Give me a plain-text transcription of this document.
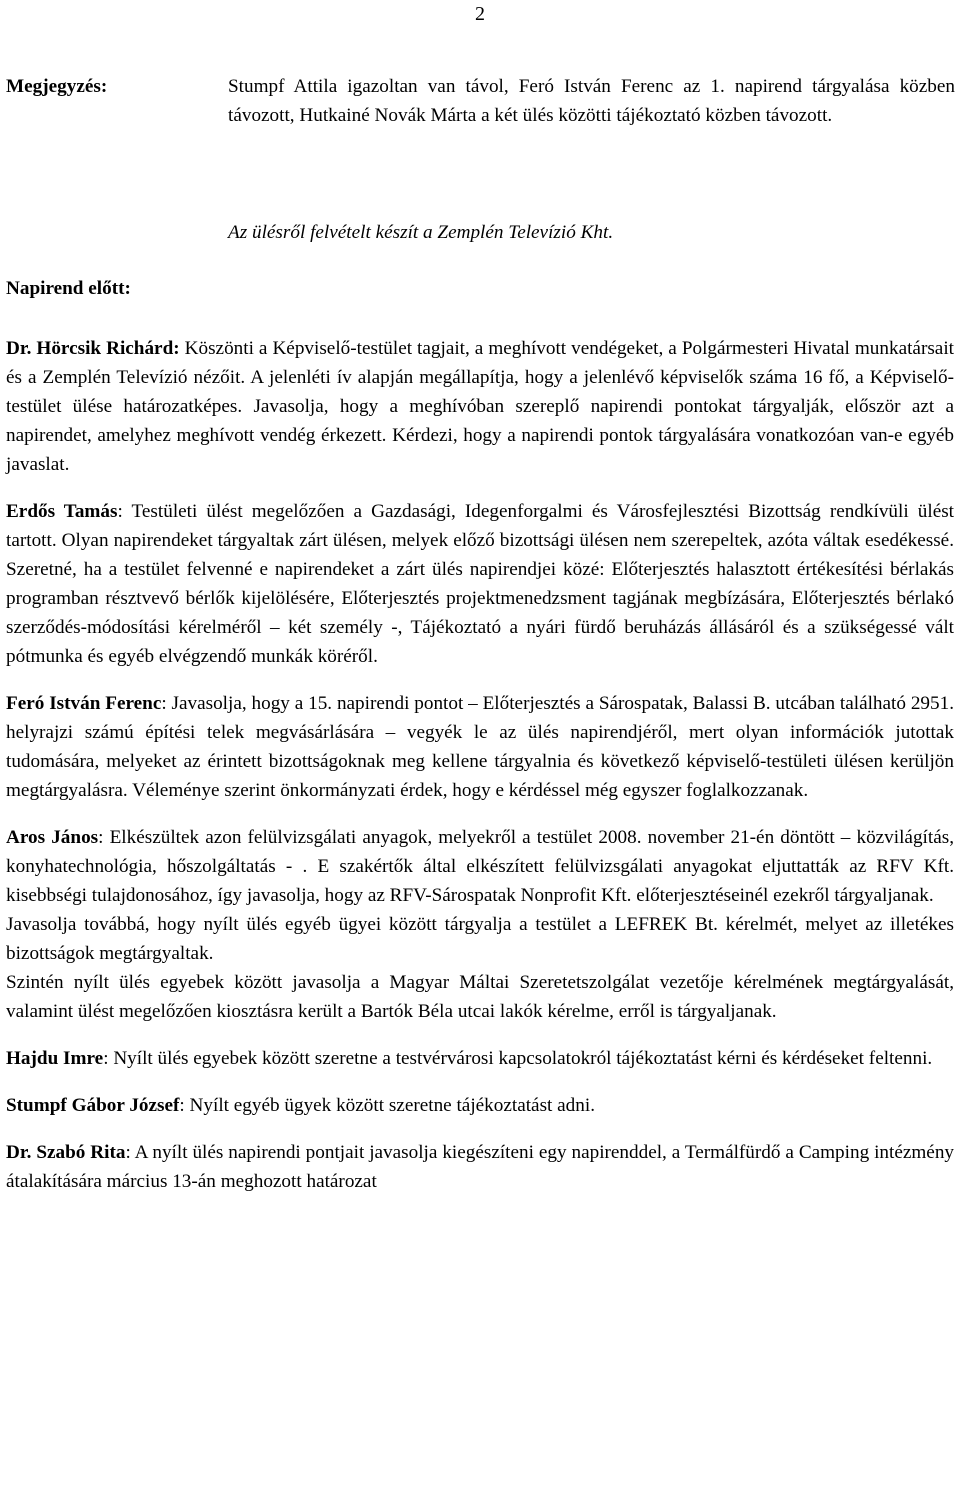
2
Megjegyzés:	Stumpf Attila igazoltan van távol, Feró István Ferenc az 1. napirend tárgyalása közben távozott, Hutkainé Novák Márta a két ülés közötti tájékoztató közben távozott.
Az ülésről felvételt készít a Zemplén Televízió Kht.
Napirend előtt:

Dr. Hörcsik Richárd: Köszönti a Képviselő-testület tagjait, a meghívott vendégeket, a Polgármesteri Hivatal munkatársait és a Zemplén Televízió nézőit. A jelenléti ív alapján megállapítja, hogy a jelenlévő képviselők száma 16 fő, a Képviselő-testület ülése határozatképes. Javasolja, hogy a meghívóban szereplő napirendi pontokat tárgyalják, először azt a napirendet, amelyhez meghívott vendég érkezett. Kérdezi, hogy a napirendi pontok tárgyalására vonatkozóan van-e egyéb javaslat.

Erdős Tamás: Testületi ülést megelőzően a Gazdasági, Idegenforgalmi és Városfejlesztési Bizottság rendkívüli ülést tartott. Olyan napirendeket tárgyaltak zárt ülésen, melyek előző bizottsági ülésen nem szerepeltek, azóta váltak esedékessé. Szeretné, ha a testület felvenné e napirendeket a zárt ülés napirendjei közé: Előterjesztés halasztott értékesítési bérlakás programban résztvevő bérlők kijelölésére, Előterjesztés projektmenedzsment tagjának megbízására, Előterjesztés bérlakó szerződés-módosítási kérelméről – két személy -, Tájékoztató a nyári fürdő beruházás állásáról és a szükségessé vált pótmunka és egyéb elvégzendő munkák köréről.

Feró István Ferenc: Javasolja, hogy a 15. napirendi pontot – Előterjesztés a Sárospatak, Balassi B. utcában található 2951. helyrajzi számú építési telek megvásárlására – vegyék le az ülés napirendjéről, mert olyan információk jutottak tudomására, melyeket az érintett bizottságoknak meg kellene tárgyalnia és következő képviselő-testületi ülésen kerüljön megtárgyalásra. Véleménye szerint önkormányzati érdek, hogy e kérdéssel még egyszer foglalkozzanak.

Aros János: Elkészültek azon felülvizsgálati anyagok, melyekről a testület 2008. november 21-én döntött – közvilágítás, konyhatechnológia, hőszolgáltatás - . E szakértők által elkészített felülvizsgálati anyagokat eljuttatták az RFV Kft. kisebbségi tulajdonosához, így javasolja, hogy az RFV-Sárospatak Nonprofit Kft. előterjesztéseinél ezekről tárgyaljanak.
Javasolja továbbá, hogy nyílt ülés egyéb ügyei között tárgyalja a testület a LEFREK Bt. kérelmét, melyet az illetékes bizottságok megtárgyaltak.
Szintén nyílt ülés egyebek között javasolja a Magyar Máltai Szeretetszolgálat vezetője kérelmének megtárgyalását, valamint ülést megelőzően kiosztásra került a Bartók Béla utcai lakók kérelme, erről is tárgyaljanak.

Hajdu Imre: Nyílt ülés egyebek között szeretne a testvérvárosi kapcsolatokról tájékoztatást kérni és kérdéseket feltenni.

Stumpf Gábor József: Nyílt egyéb ügyek között szeretne tájékoztatást adni.

Dr. Szabó Rita: A nyílt ülés napirendi pontjait javasolja kiegészíteni egy napirenddel, a Termálfürdő a Camping intézmény átalakítására március 13-án meghozott határozat
